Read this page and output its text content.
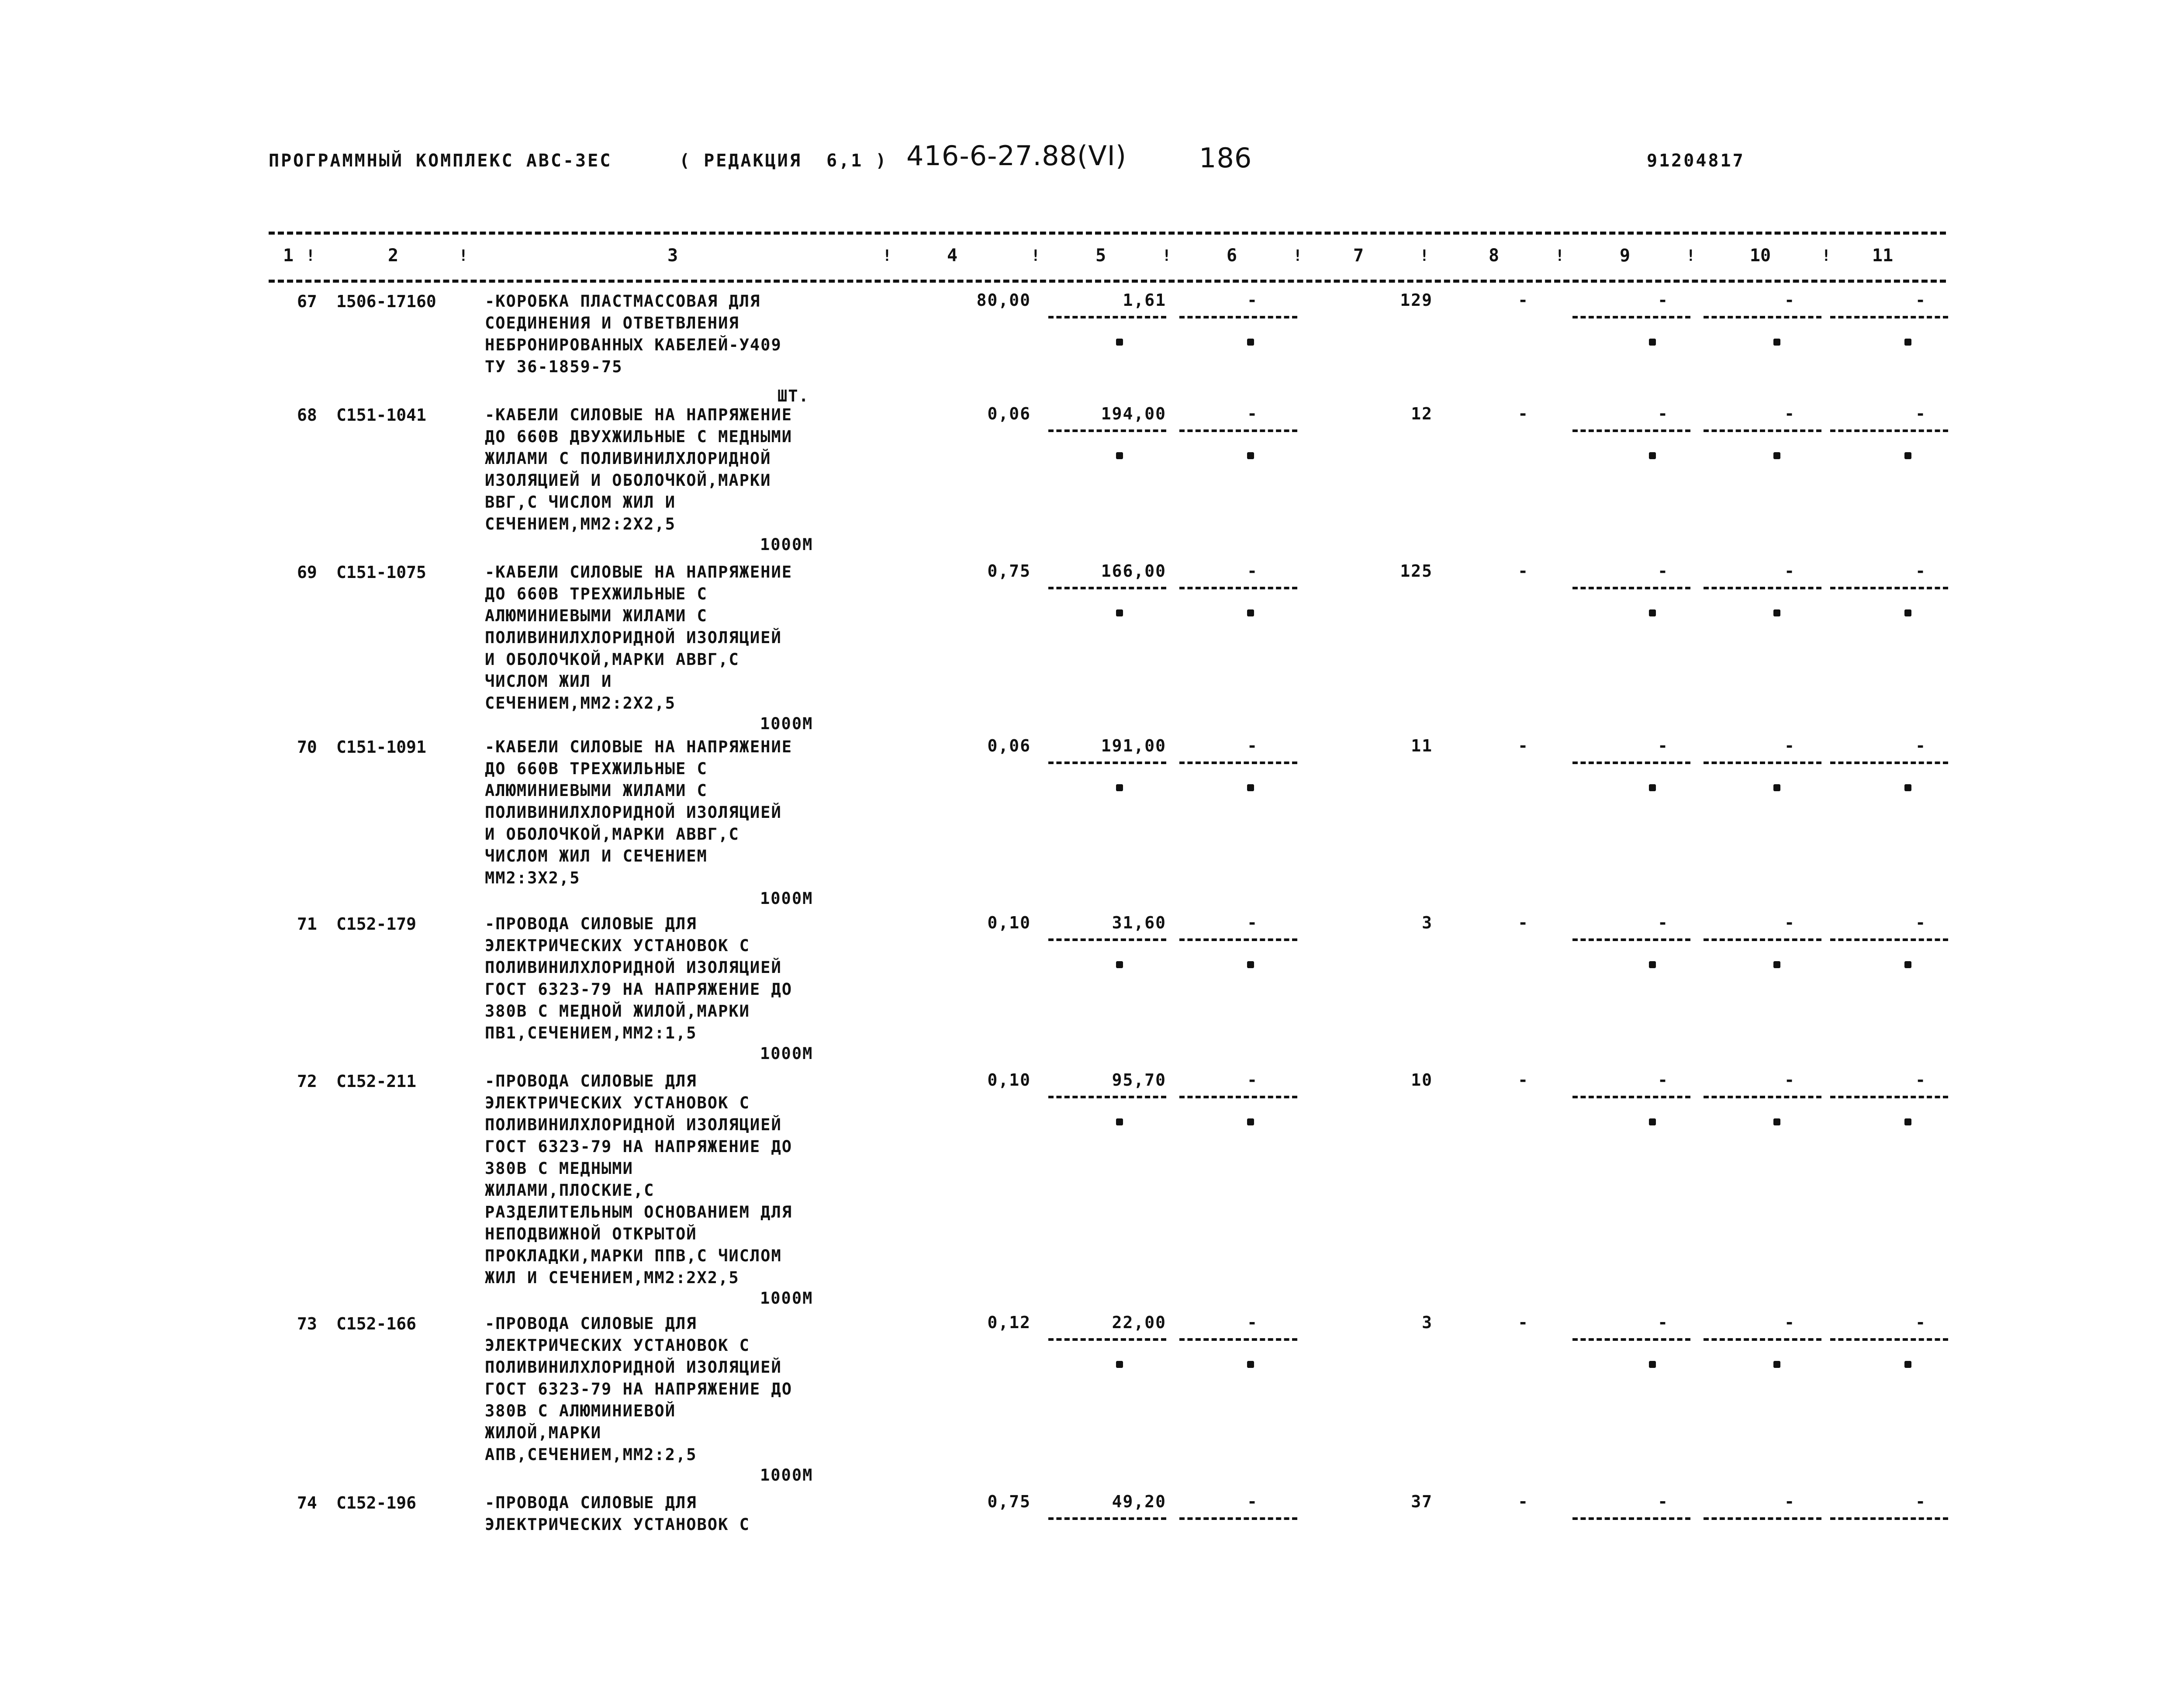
ПРОГРАММНЫЙ КОМПЛЕКС АВС-ЗЕС	( РЕДАКЦИЯ  6,1 ) 416-6-27.88(VI)	186	91204817
1	2	3	4	5	6	7	8	9	10	11
!	!	!	!	!	!	!	!	!	!
67 1506-17160	-КОРОБКА ПЛАСТМАССОВАЯ ДЛЯ
СОЕДИНЕНИЯ И ОТВЕТВЛЕНИЯ
НЕБРОНИРОВАННЫХ КАБЕЛЕЙ-У409
ТУ 36-1859-75
ШТ.
80,00	1,61	-	129	-	-	-	-
68 С151-1041	-КАБЕЛИ СИЛОВЫЕ НА НАПРЯЖЕНИЕ
ДО 660В ДВУХЖИЛЬНЫЕ С МЕДНЫМИ
ЖИЛАМИ С ПОЛИВИНИЛХЛОРИДНОЙ
ИЗОЛЯЦИЕЙ И ОБОЛОЧКОЙ,МАРКИ
ВВГ,С ЧИСЛОМ ЖИЛ И
СЕЧЕНИЕМ,ММ2:2Х2,5
1000М
0,06	194,00	-	12	-	-	-	-
69 С151-1075	-КАБЕЛИ СИЛОВЫЕ НА НАПРЯЖЕНИЕ
ДО 660В ТРЕХЖИЛЬНЫЕ С
АЛЮМИНИЕВЫМИ ЖИЛАМИ С
ПОЛИВИНИЛХЛОРИДНОЙ ИЗОЛЯЦИЕЙ
И ОБОЛОЧКОЙ,МАРКИ АВВГ,С
ЧИСЛОМ ЖИЛ И
СЕЧЕНИЕМ,ММ2:2Х2,5
1000М
0,75	166,00	-	125	-	-	-	-
70 С151-1091	-КАБЕЛИ СИЛОВЫЕ НА НАПРЯЖЕНИЕ
ДО 660В ТРЕХЖИЛЬНЫЕ С
АЛЮМИНИЕВЫМИ ЖИЛАМИ С
ПОЛИВИНИЛХЛОРИДНОЙ ИЗОЛЯЦИЕЙ
И ОБОЛОЧКОЙ,МАРКИ АВВГ,С
ЧИСЛОМ ЖИЛ И СЕЧЕНИЕМ
ММ2:3Х2,5
1000М
0,06	191,00	-	11	-	-	-	-
71 С152-179	-ПРОВОДА СИЛОВЫЕ ДЛЯ
ЭЛЕКТРИЧЕСКИХ УСТАНОВОК С
ПОЛИВИНИЛХЛОРИДНОЙ ИЗОЛЯЦИЕЙ
ГОСТ 6323-79 НА НАПРЯЖЕНИЕ ДО
380В С МЕДНОЙ ЖИЛОЙ,МАРКИ
ПВ1,СЕЧЕНИЕМ,ММ2:1,5
1000М
0,10	31,60	-	3	-	-	-	-
72 С152-211	-ПРОВОДА СИЛОВЫЕ ДЛЯ
ЭЛЕКТРИЧЕСКИХ УСТАНОВОК С
ПОЛИВИНИЛХЛОРИДНОЙ ИЗОЛЯЦИЕЙ
ГОСТ 6323-79 НА НАПРЯЖЕНИЕ ДО
380В С МЕДНЫМИ
ЖИЛАМИ,ПЛОСКИЕ,С
РАЗДЕЛИТЕЛЬНЫМ ОСНОВАНИЕМ ДЛЯ
НЕПОДВИЖНОЙ ОТКРЫТОЙ
ПРОКЛАДКИ,МАРКИ ППВ,С ЧИСЛОМ
ЖИЛ И СЕЧЕНИЕМ,ММ2:2Х2,5
1000М
0,10	95,70	-	10	-	-	-	-
73 С152-166	-ПРОВОДА СИЛОВЫЕ ДЛЯ
ЭЛЕКТРИЧЕСКИХ УСТАНОВОК С
ПОЛИВИНИЛХЛОРИДНОЙ ИЗОЛЯЦИЕЙ
ГОСТ 6323-79 НА НАПРЯЖЕНИЕ ДО
380В С АЛЮМИНИЕВОЙ
ЖИЛОЙ,МАРКИ
АПВ,СЕЧЕНИЕМ,ММ2:2,5
1000М
0,12	22,00	-	3	-	-	-	-
74 С152-196	-ПРОВОДА СИЛОВЫЕ ДЛЯ
ЭЛЕКТРИЧЕСКИХ УСТАНОВОК С
0,75	49,20	-	37	-	-	-	-
